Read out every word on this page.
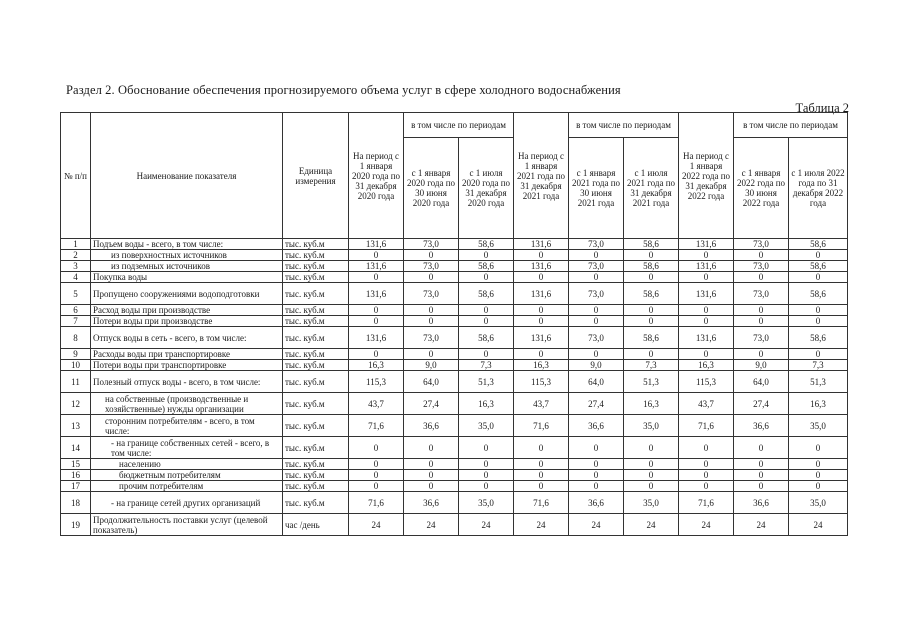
Раздел 2. Обоснование обеспечения прогнозируемого объема услуг в сфере холодного водоснабжения
Таблица 2
№ п/п	Наименование показателя	Единица измерения	На период с 1 января 2020 года по 31 декабря 2020 года	в том числе по периодам		На период с 1 января 2021 года по 31 декабря 2021 года	в том числе по периодам		На период с 1 января 2022 года по 31 декабря 2022 года	в том числе по периодам	
				с 1 января 2020 года по 30 июня 2020 года	с 1 июля 2020 года по 31 декабря 2020 года		с 1 января 2021 года по 30 июня 2021 года	с 1 июля 2021 года по 31 декабря 2021 года		с 1 января 2022 года по 30 июня 2022 года	с 1 июля 2022 года по 31 декабря 2022 года
1	Подъем воды - всего, в том числе:	тыс. куб.м	131,6	73,0	58,6	131,6	73,0	58,6	131,6	73,0	58,6
2	из поверхностных источников	тыс. куб.м	0	0	0	0	0	0	0	0	0
3	из подземных источников	тыс. куб.м	131,6	73,0	58,6	131,6	73,0	58,6	131,6	73,0	58,6
4	Покупка воды	тыс. куб.м	0	0	0	0	0	0	0	0	0
5	Пропущено сооружениями водоподготовки	тыс. куб.м	131,6	73,0	58,6	131,6	73,0	58,6	131,6	73,0	58,6
6	Расход воды при производстве	тыс. куб.м	0	0	0	0	0	0	0	0	0
7	Потери воды при производстве	тыс. куб.м	0	0	0	0	0	0	0	0	0
8	Отпуск воды в сеть - всего, в том числе:	тыс. куб.м	131,6	73,0	58,6	131,6	73,0	58,6	131,6	73,0	58,6
9	Расходы воды при транспортировке	тыс. куб.м	0	0	0	0	0	0	0	0	0
10	Потери воды при транспортировке	тыс. куб.м	16,3	9,0	7,3	16,3	9,0	7,3	16,3	9,0	7,3
11	Полезный отпуск воды - всего, в том числе:	тыс. куб.м	115,3	64,0	51,3	115,3	64,0	51,3	115,3	64,0	51,3
12	на собственные (производственные и хозяйственные) нужды организации	тыс. куб.м	43,7	27,4	16,3	43,7	27,4	16,3	43,7	27,4	16,3
13	сторонним потребителям - всего, в том числе:	тыс. куб.м	71,6	36,6	35,0	71,6	36,6	35,0	71,6	36,6	35,0
14	- на границе собственных сетей - всего, в том числе:	тыс. куб.м	0	0	0	0	0	0	0	0	0
15	населению	тыс. куб.м	0	0	0	0	0	0	0	0	0
16	бюджетным потребителям	тыс. куб.м	0	0	0	0	0	0	0	0	0
17	прочим потребителям	тыс. куб.м	0	0	0	0	0	0	0	0	0
18	- на границе сетей других организаций	тыс. куб.м	71,6	36,6	35,0	71,6	36,6	35,0	71,6	36,6	35,0
19	Продолжительность поставки услуг (целевой показатель)	час /день	24	24	24	24	24	24	24	24	24
